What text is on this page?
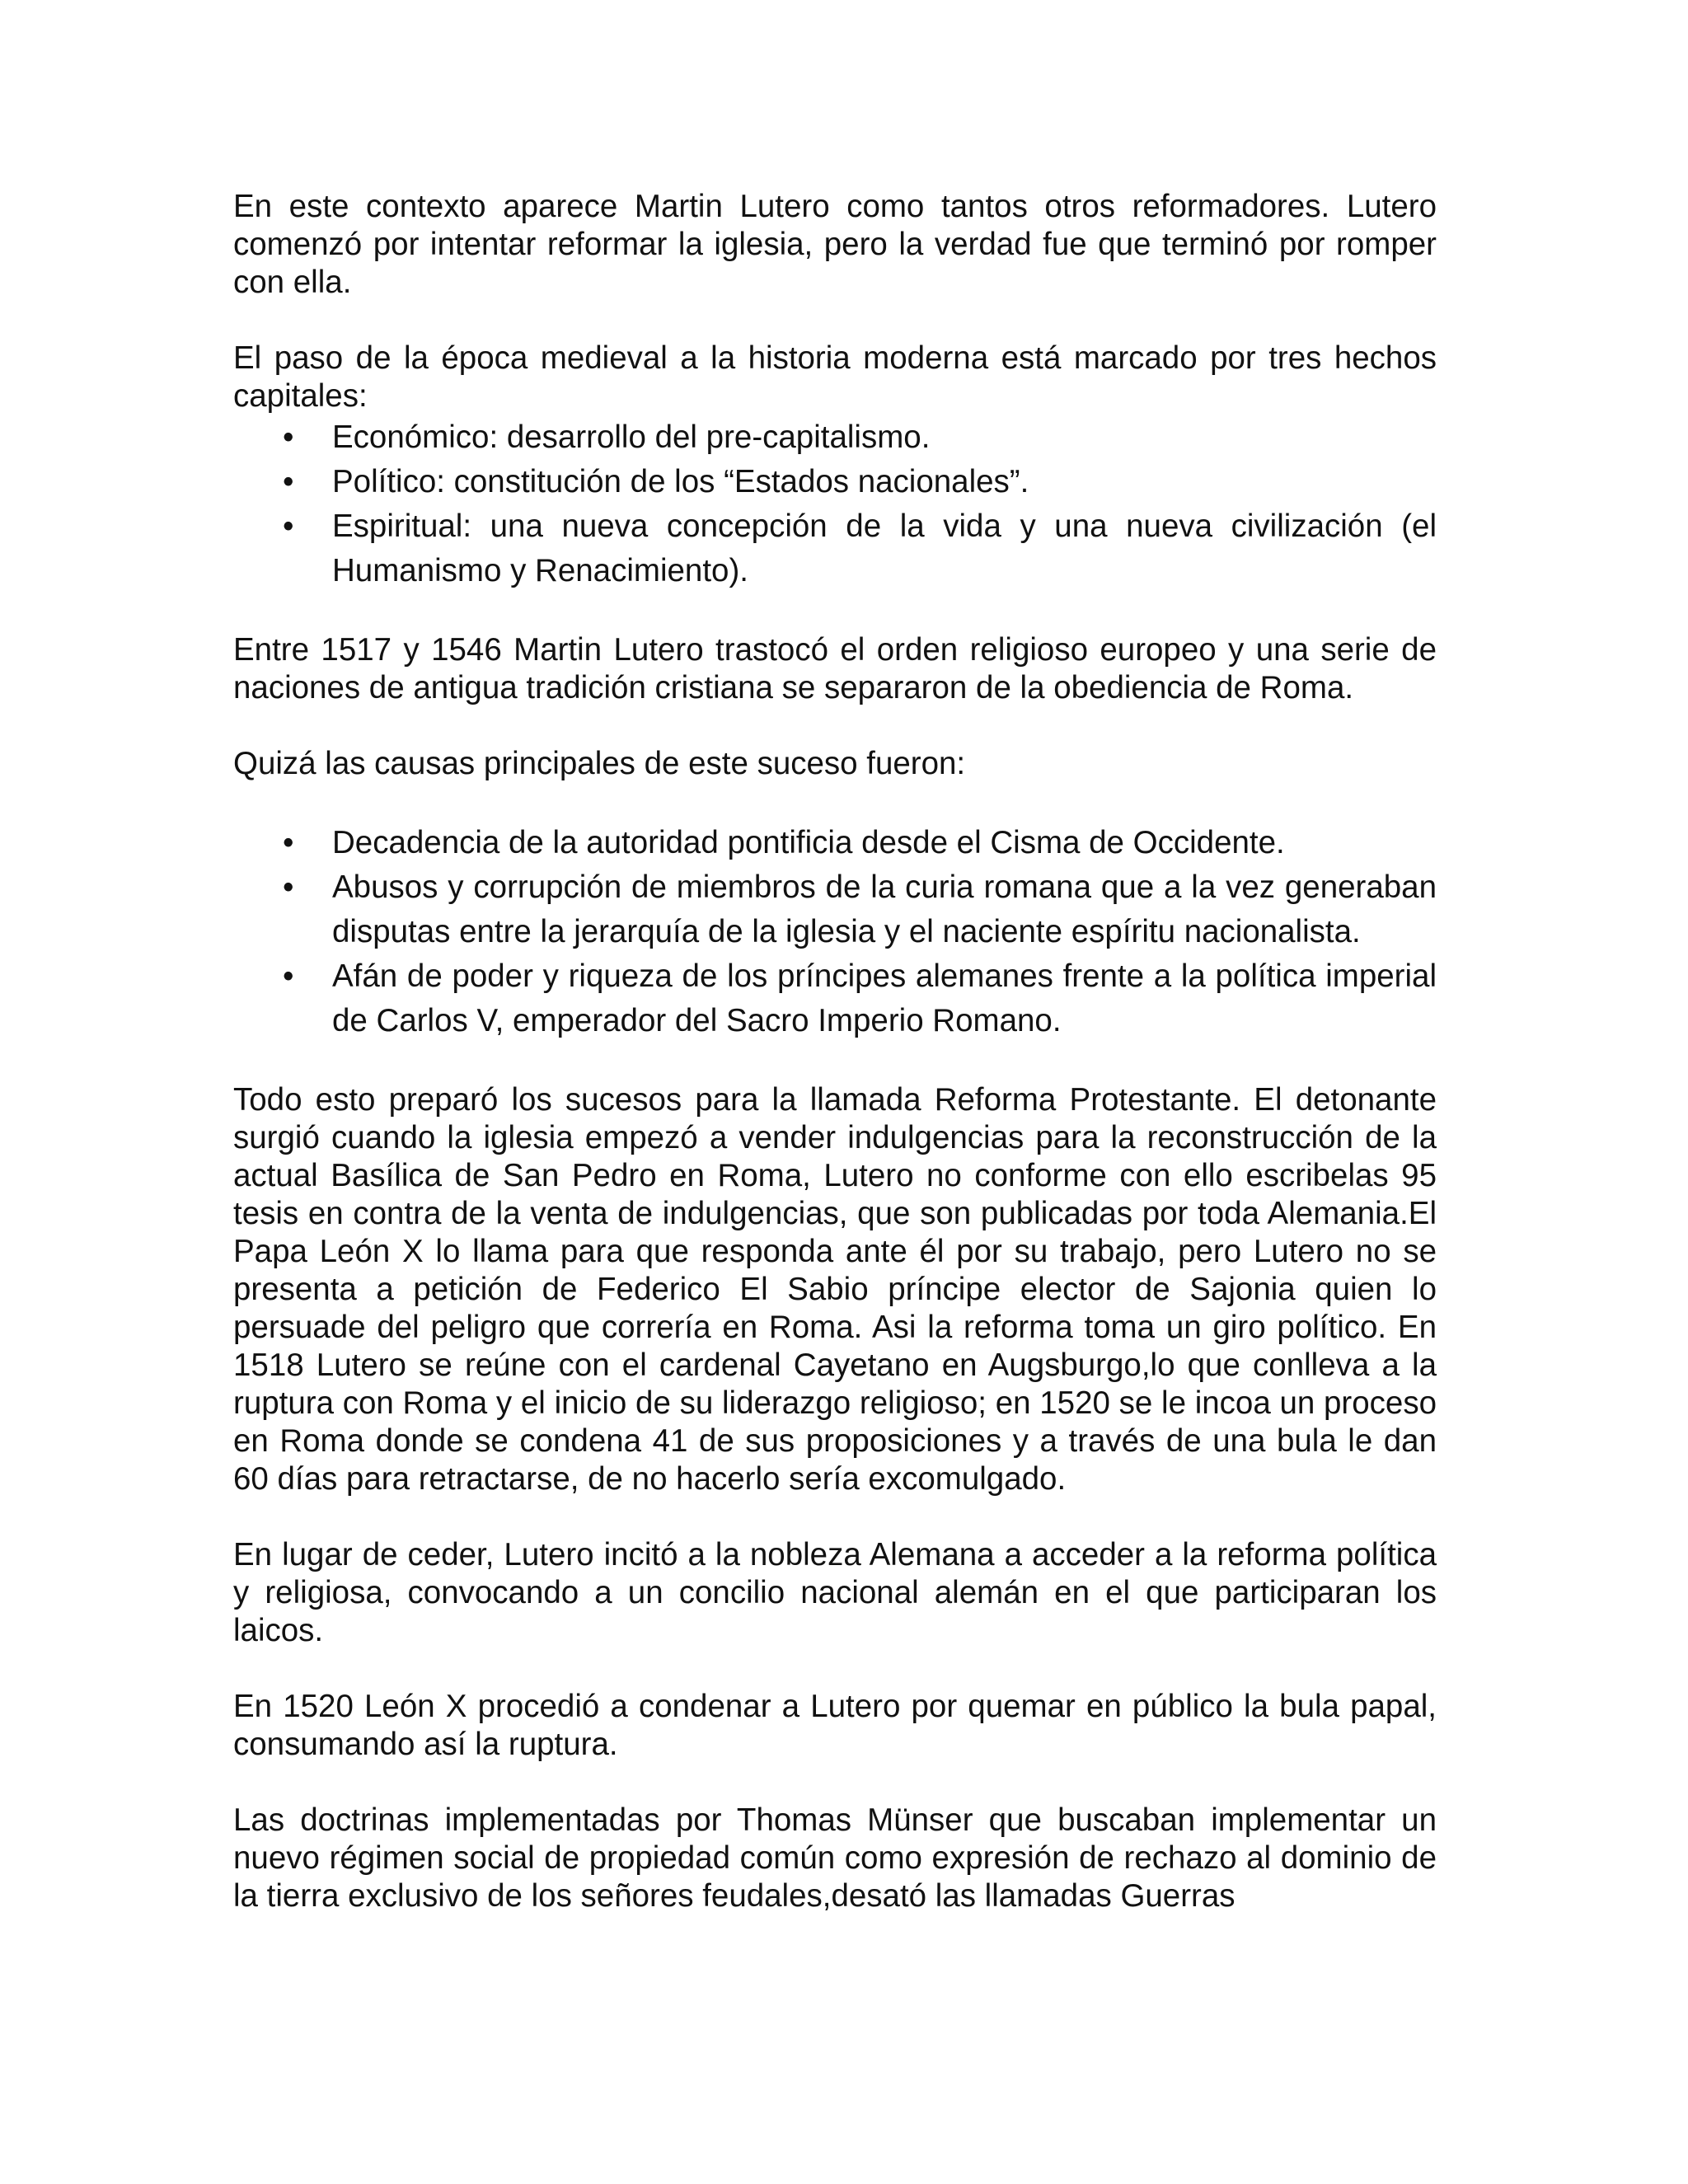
En este contexto aparece Martin Lutero como tantos otros reformadores. Lutero comenzó por intentar reformar la iglesia, pero la verdad fue que terminó por romper con ella.

El paso de la época medieval a la historia moderna está marcado por tres hechos capitales:

• Económico: desarrollo del pre-capitalismo.
• Político: constitución de los “Estados nacionales”.
• Espiritual: una nueva concepción de la vida y una nueva civilización (el Humanismo y Renacimiento).

Entre 1517 y 1546 Martin Lutero trastocó el orden religioso europeo y una serie de naciones de antigua tradición cristiana se separaron de la obediencia de Roma.

Quizá las causas principales de este suceso fueron:

• Decadencia de la autoridad pontificia desde el Cisma de Occidente.
• Abusos y corrupción de miembros de la curia romana que a la vez generaban disputas entre la jerarquía de la iglesia y el naciente espíritu nacionalista.
• Afán de poder y riqueza de los príncipes alemanes frente a la política imperial de Carlos V, emperador del Sacro Imperio Romano.

Todo esto preparó los sucesos para la llamada Reforma Protestante. El detonante surgió cuando la iglesia empezó a vender indulgencias para la reconstrucción de la actual Basílica de San Pedro en Roma, Lutero no conforme con ello escribelas 95 tesis en contra de la venta de indulgencias, que son publicadas por toda Alemania.El Papa León X lo llama para que responda ante él por su trabajo, pero Lutero no se presenta a petición de Federico El Sabio príncipe elector de Sajonia quien lo persuade del peligro que correría en Roma. Asi la reforma toma un giro político. En 1518 Lutero se reúne con el cardenal Cayetano en Augsburgo,lo que conlleva a la ruptura con Roma y el inicio de su liderazgo religioso; en 1520 se le incoa un proceso en Roma donde se condena 41 de sus proposiciones y a través de una bula le dan 60 días para retractarse, de no hacerlo sería excomulgado.

En lugar de ceder, Lutero incitó a la nobleza Alemana a acceder a la reforma política y religiosa, convocando a un concilio nacional alemán en el que participaran los laicos.

En 1520 León X procedió a condenar a Lutero por quemar en público la bula papal, consumando así la ruptura.

Las doctrinas implementadas por Thomas Münser que buscaban implementar un nuevo régimen social de propiedad común como expresión de rechazo al dominio de la tierra exclusivo de los señores feudales,desató las llamadas Guerras
